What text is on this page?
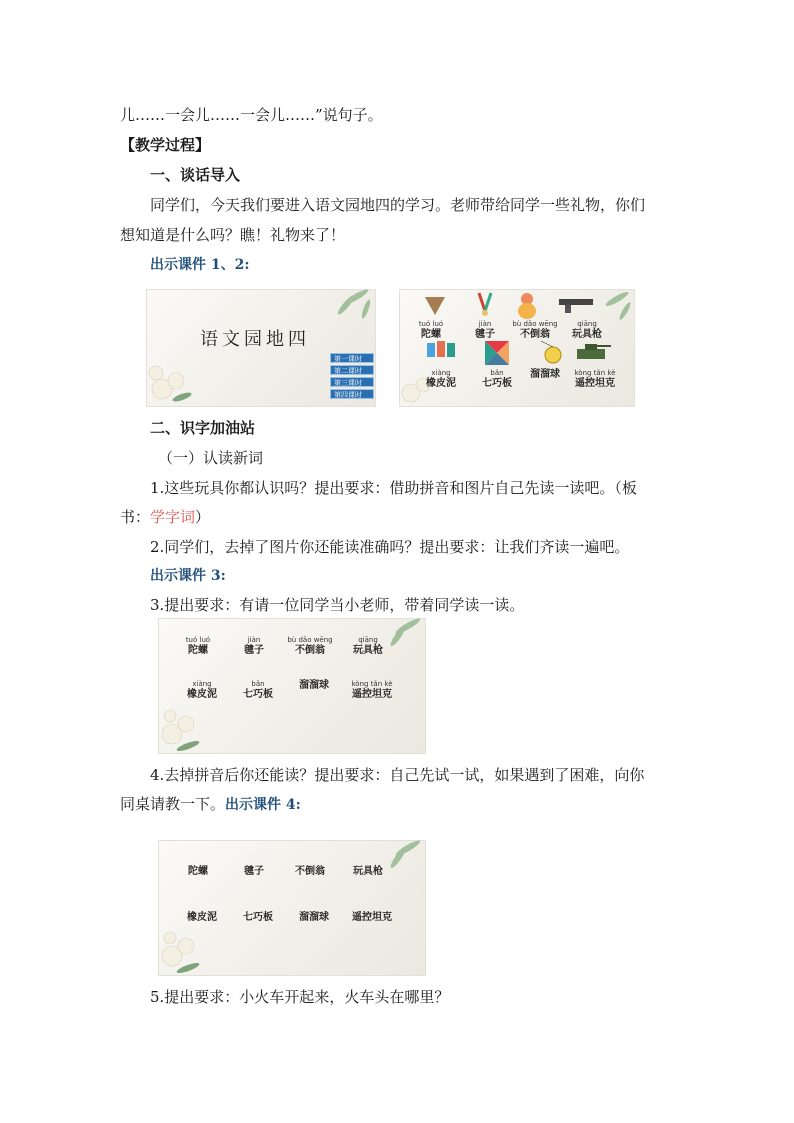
儿……一会儿……一会儿……”说句子。
【教学过程】
一、谈话导入
同学们，今天我们要进入语文园地四的学习。老师带给同学一些礼物，你们
想知道是什么吗？瞧！礼物来了！
出示课件 1、2:
语文园地四
第一课时
第二课时
第三课时
第四课时
tuó luó
陀螺
jiàn
毽子
bù dǎo wēng
不倒翁
qiāng
玩具枪
xiàng
橡皮泥
bǎn
七巧板
溜溜球	kòng tǎn kè
遥控坦克
二、识字加油站
（一）认读新词
1.这些玩具你都认识吗？提出要求：借助拼音和图片自己先读一读吧。（板
书：学字词）
2.同学们，去掉了图片你还能读准确吗？提出要求：让我们齐读一遍吧。
出示课件 3:
3.提出要求：有请一位同学当小老师，带着同学读一读。
tuó luó
陀螺
jiàn
毽子
bù dǎo wēng
不倒翁
qiāng
玩具枪
xiàng
橡皮泥
bǎn
七巧板
溜溜球	kòng tǎn kè
遥控坦克
4.去掉拼音后你还能读？提出要求：自己先试一试，如果遇到了困难，向你
同桌请教一下。出示课件 4:
陀螺	毽子	不倒翁	玩具枪
橡皮泥	七巧板	溜溜球	遥控坦克
5.提出要求：小火车开起来，火车头在哪里？
